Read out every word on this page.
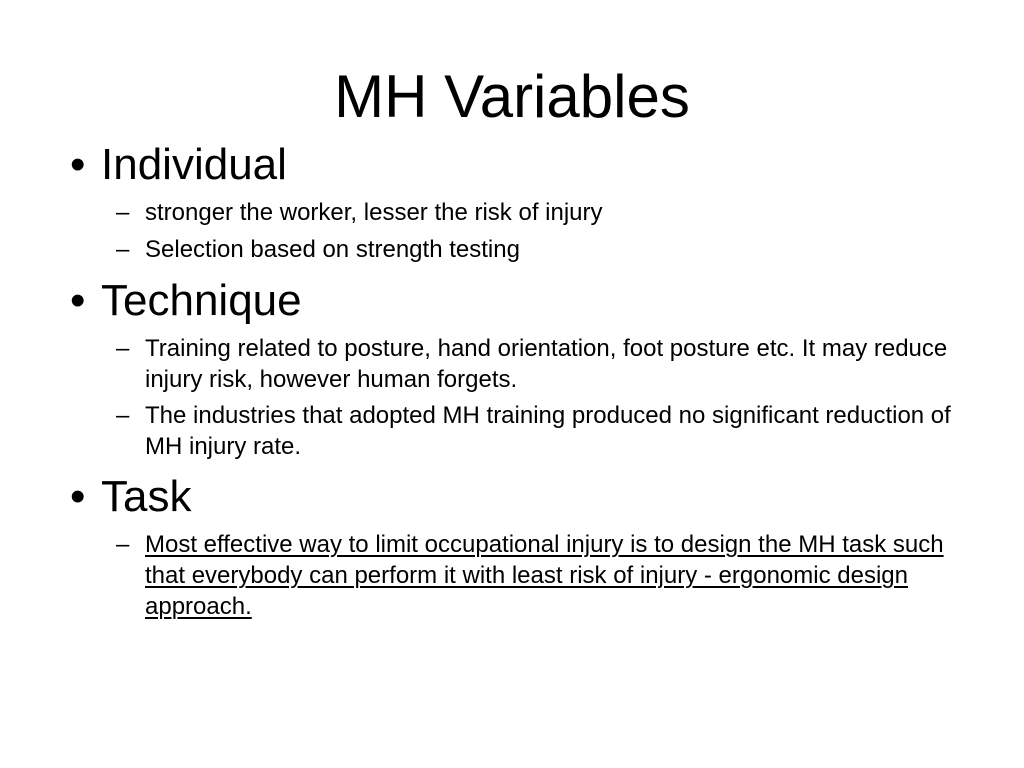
MH Variables
• Individual
– stronger the worker, lesser the risk of injury
– Selection based on strength testing
• Technique
– Training related to posture, hand orientation, foot posture etc. It may reduce injury risk, however human forgets.
– The industries that adopted MH training produced no significant reduction of MH injury rate.
• Task
– Most effective way to limit occupational injury is to design the MH task such that everybody can perform it with least risk of injury - ergonomic design approach.
